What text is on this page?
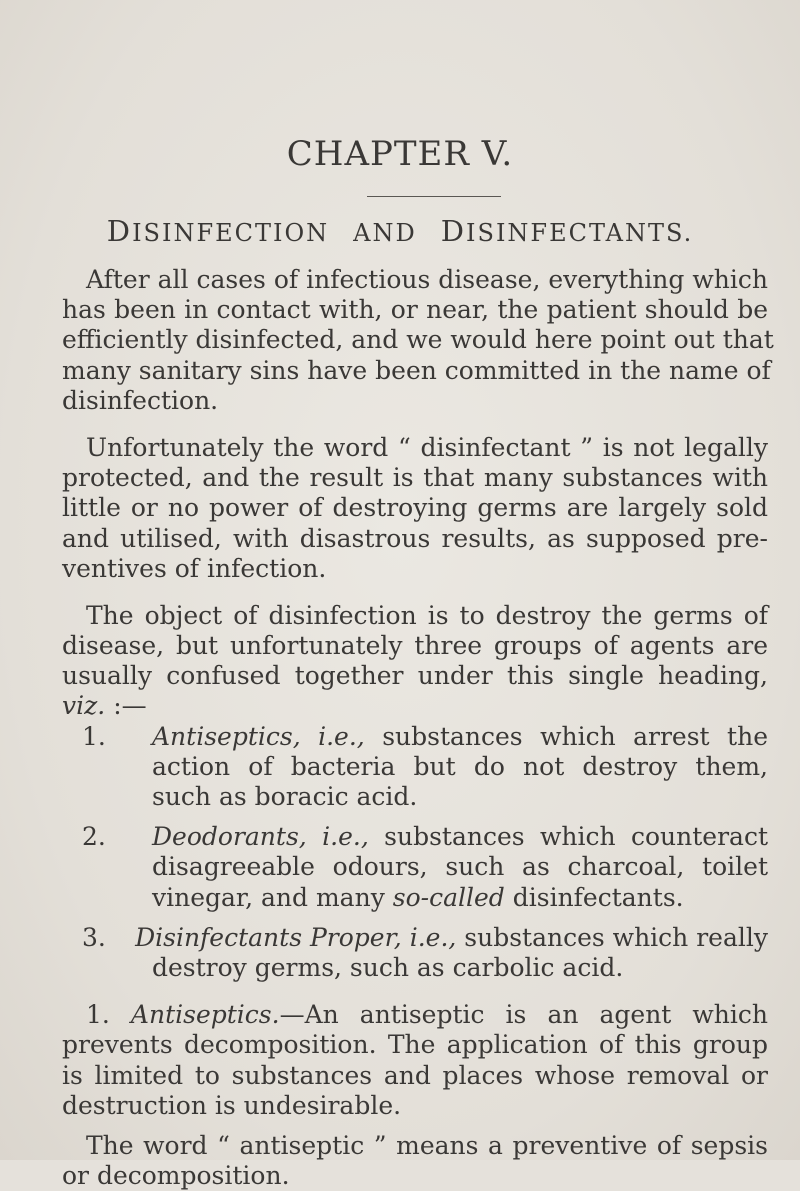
CHAPTER V.
DISINFECTION AND DISINFECTANTS.
After all cases of infectious disease, everything which
has been in contact with, or near, the patient should be
efficiently disinfected, and we would here point out that
many sanitary sins have been committed in the name of
disinfection.
Unfortunately the word “ disinfectant ” is not legally
protected, and the result is that many substances with
little or no power of destroying germs are largely sold
and utilised, with disastrous results, as supposed pre-
ventives of infection.
The object of disinfection is to destroy the germs of
disease, but unfortunately three groups of agents are
usually confused together under this single heading,
viz. :—
1.	Antiseptics, i.e., substances which arrest the
action of bacteria but do not destroy them,
such as boracic acid.
2.	Deodorants, i.e., substances which counteract
disagreeable odours, such as charcoal, toilet
vinegar, and many so-called disinfectants.
3.	Disinfectants Proper, i.e., substances which really
destroy germs, such as carbolic acid.
1. Antiseptics.—An antiseptic is an agent which
prevents decomposition. The application of this group
is limited to substances and places whose removal or
destruction is undesirable.
The word “ antiseptic ” means a preventive of sepsis
or decomposition.
